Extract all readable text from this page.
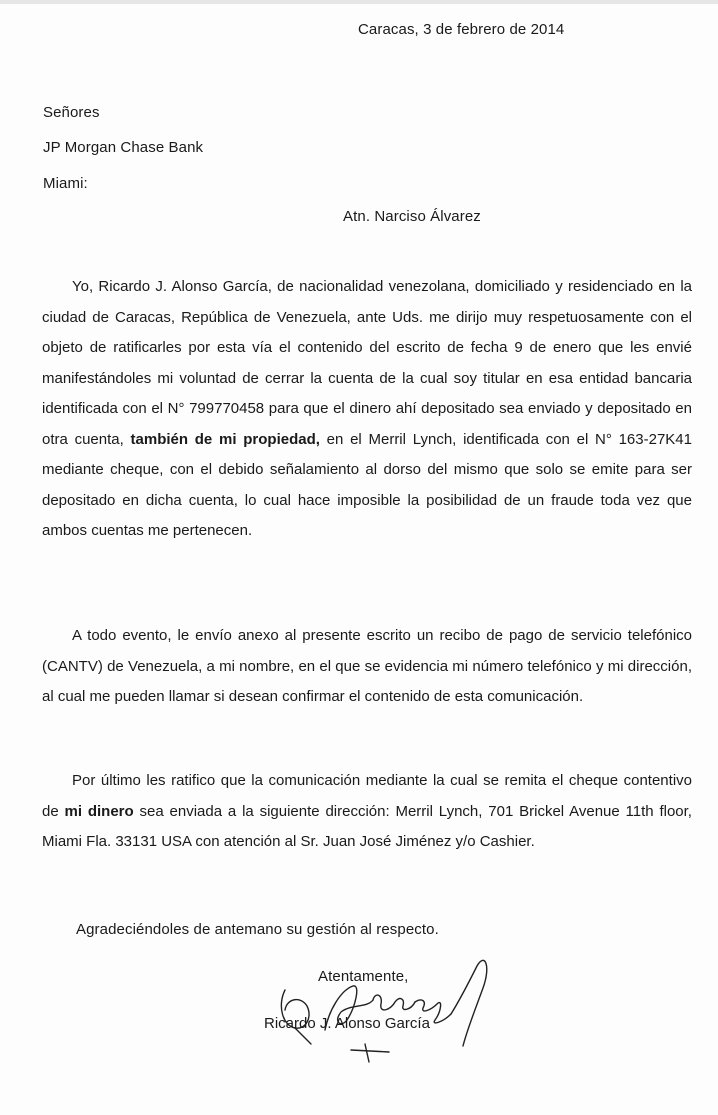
Caracas, 3 de febrero de 2014
Señores
JP Morgan Chase Bank
Miami:
Atn. Narciso Álvarez
Yo, Ricardo J. Alonso García, de nacionalidad venezolana, domiciliado y residenciado en la ciudad de Caracas, República de Venezuela, ante Uds. me dirijo muy respetuosamente con el objeto de ratificarles por esta vía el contenido del escrito de fecha 9 de enero que les envié manifestándoles mi voluntad de cerrar la cuenta de la cual soy titular en esa entidad bancaria identificada con el N° 799770458 para que el dinero ahí depositado sea enviado y depositado en otra cuenta, también de mi propiedad, en el Merril Lynch, identificada con el N° 163-27K41 mediante cheque, con el debido señalamiento al dorso del mismo que solo se emite para ser depositado en dicha cuenta, lo cual hace imposible la posibilidad de un fraude toda vez que ambos cuentas me pertenecen.
A todo evento, le envío anexo al presente escrito un recibo de pago de servicio telefónico (CANTV) de Venezuela, a mi nombre, en el que se evidencia mi número telefónico y mi dirección, al cual me pueden llamar si desean confirmar el contenido de esta comunicación.
Por último les ratifico que la comunicación mediante la cual se remita el cheque contentivo de mi dinero sea enviada a la siguiente dirección: Merril Lynch, 701 Brickel Avenue 11th floor, Miami Fla. 33131 USA con atención al Sr. Juan José Jiménez y/o Cashier.
Agradeciéndoles de antemano su gestión al respecto.
Atentamente,
Ricardo J. Alonso García
